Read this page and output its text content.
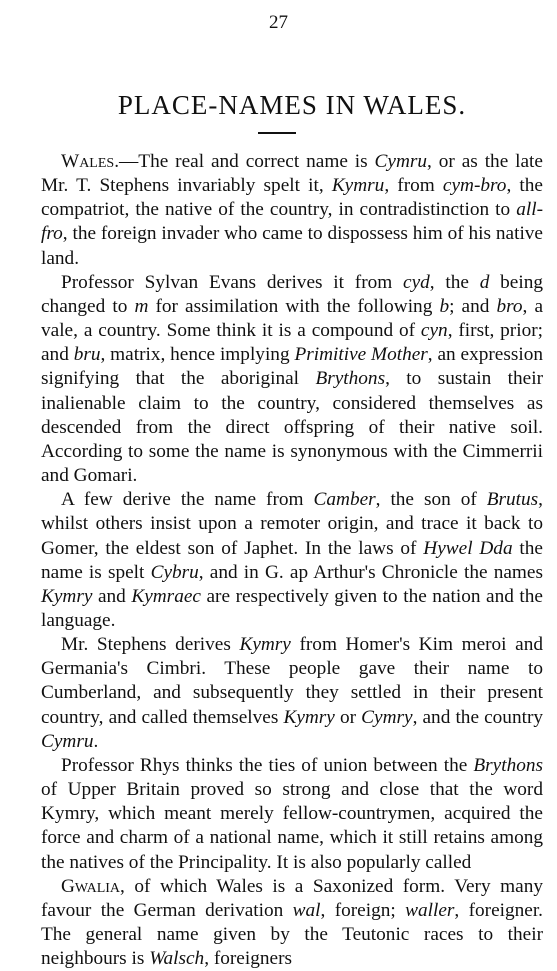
27
PLACE-NAMES IN WALES.

Wales.—The real and correct name is Cymru, or as the late Mr. T. Stephens invariably spelt it, Kymru, from cym-bro, the compatriot, the native of the country, in contradistinction to all-fro, the foreign invader who came to dispossess him of his native land.

Professor Sylvan Evans derives it from cyd, the d being changed to m for assimilation with the following b; and bro, a vale, a country. Some think it is a compound of cyn, first, prior; and bru, matrix, hence implying Primitive Mother, an expression signifying that the aboriginal Brythons, to sustain their inalienable claim to the country, considered themselves as descended from the direct offspring of their native soil. According to some the name is synonymous with the Cimmerrii and Gomari.

A few derive the name from Camber, the son of Brutus, whilst others insist upon a remoter origin, and trace it back to Gomer, the eldest son of Japhet. In the laws of Hywel Dda the name is spelt Cybru, and in G. ap Arthur's Chronicle the names Kymry and Kymraec are respectively given to the nation and the language.

Mr. Stephens derives Kymry from Homer's Kim meroi and Germania's Cimbri. These people gave their name to Cumberland, and subsequently they settled in their present country, and called themselves Kymry or Cymry, and the country Cymru.

Professor Rhys thinks the ties of union between the Brythons of Upper Britain proved so strong and close that the word Kymry, which meant merely fellow-countrymen, acquired the force and charm of a national name, which it still retains among the natives of the Principality. It is also popularly called

Gwalia, of which Wales is a Saxonized form. Very many favour the German derivation wal, foreign; waller, foreigner. The general name given by the Teutonic races to their neighbours is Walsch, foreigners
